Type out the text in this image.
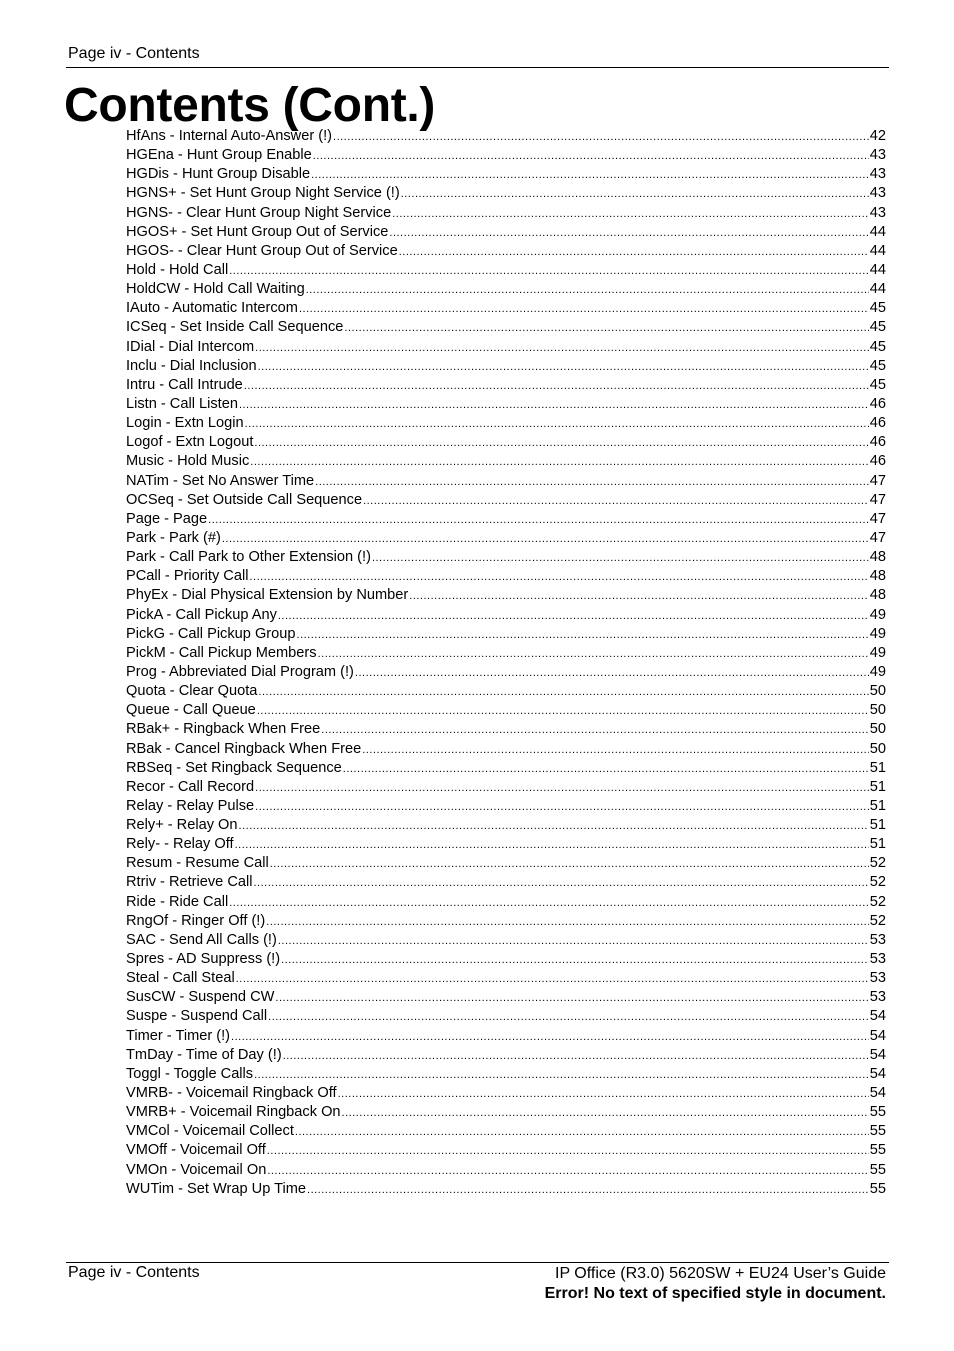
Page iv - Contents
Contents (Cont.)
HfAns - Internal Auto-Answer (!) .....	42
HGEna - Hunt Group Enable .....	43
HGDis - Hunt Group Disable .....	43
HGNS+ - Set Hunt Group Night Service (!) .....	43
HGNS- - Clear Hunt Group Night Service .....	43
HGOS+ - Set Hunt Group Out of Service .....	44
HGOS- - Clear Hunt Group Out of Service .....	44
Hold - Hold Call .....	44
HoldCW - Hold Call Waiting .....	44
IAuto - Automatic Intercom .....	45
ICSeq - Set Inside Call Sequence .....	45
IDial - Dial Intercom .....	45
Inclu - Dial Inclusion .....	45
Intru - Call Intrude .....	45
Listn - Call Listen .....	46
Login - Extn Login .....	46
Logof - Extn Logout .....	46
Music - Hold Music .....	46
NATim - Set No Answer Time .....	47
OCSeq - Set Outside Call Sequence .....	47
Page - Page .....	47
Park - Park (#) .....	47
Park - Call Park to Other Extension (!) .....	48
PCall - Priority Call .....	48
PhyEx - Dial Physical Extension by Number .....	48
PickA - Call Pickup Any .....	49
PickG - Call Pickup Group .....	49
PickM - Call Pickup Members .....	49
Prog - Abbreviated Dial Program (!) .....	49
Quota - Clear Quota .....	50
Queue - Call Queue .....	50
RBak+ - Ringback When Free .....	50
RBak - Cancel Ringback When Free .....	50
RBSeq - Set Ringback Sequence .....	51
Recor - Call Record .....	51
Relay - Relay Pulse .....	51
Rely+ - Relay On .....	51
Rely- - Relay Off .....	51
Resum - Resume Call .....	52
Rtriv - Retrieve Call .....	52
Ride - Ride Call .....	52
RngOf - Ringer Off (!) .....	52
SAC - Send All Calls (!) .....	53
Spres - AD Suppress (!) .....	53
Steal - Call Steal .....	53
SusCW - Suspend CW .....	53
Suspe - Suspend Call .....	54
Timer - Timer (!) .....	54
TmDay - Time of Day (!) .....	54
Toggl - Toggle Calls .....	54
VMRB- - Voicemail Ringback Off .....	54
VMRB+ - Voicemail Ringback On .....	55
VMCol - Voicemail Collect .....	55
VMOff - Voicemail Off .....	55
VMOn - Voicemail On .....	55
WUTim - Set Wrap Up Time .....	55
Page iv - Contents	IP Office (R3.0) 5620SW + EU24 User’s Guide
Error! No text of specified style in document.
